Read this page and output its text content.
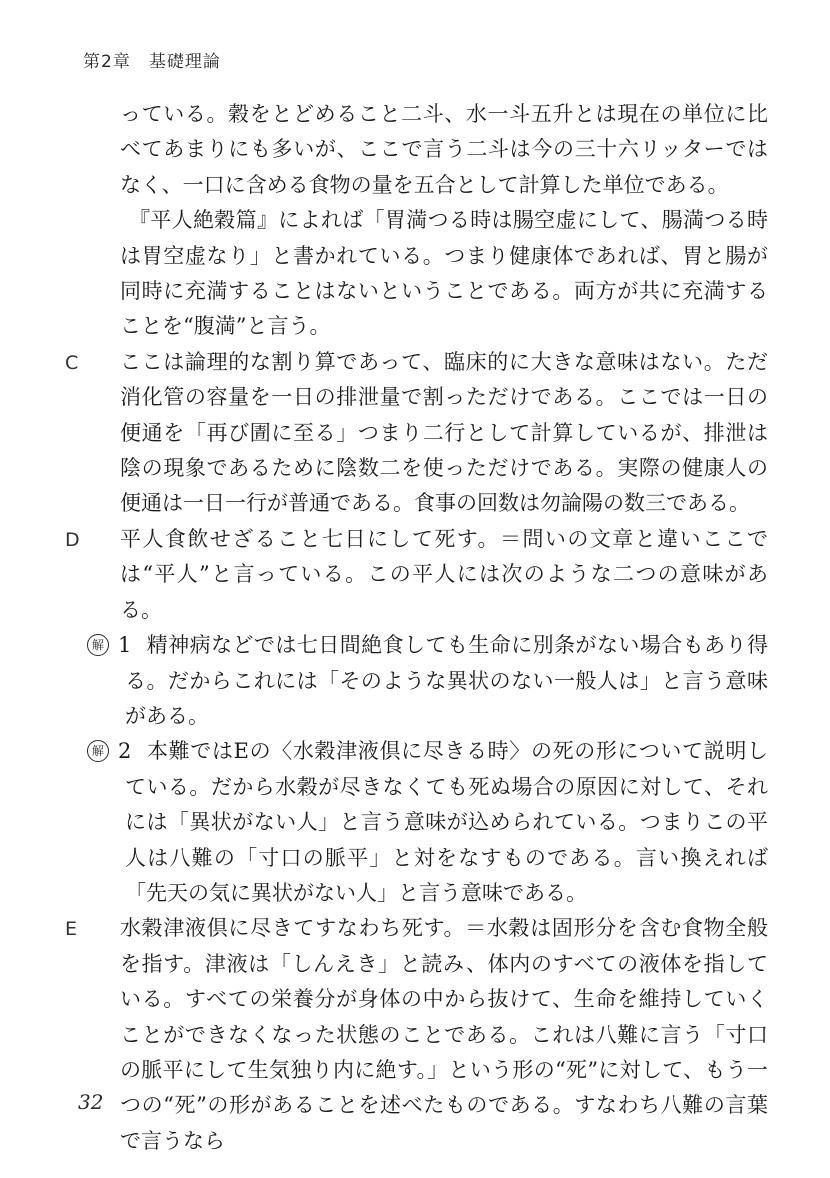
第2章　基礎理論

っている。穀をとどめること二斗、水一斗五升とは現在の単位に比べてあまりにも多いが、ここで言う二斗は今の三十六リッターではなく、一口に含める食物の量を五合として計算した単位である。

『平人絶穀篇』によれば「胃満つる時は腸空虚にして、腸満つる時は胃空虚なり」と書かれている。つまり健康体であれば、胃と腸が同時に充満することはないということである。両方が共に充満することを“腹満”と言う。

C ここは論理的な割り算であって、臨床的に大きな意味はない。ただ消化管の容量を一日の排泄量で割っただけである。ここでは一日の便通を「再び圊に至る」つまり二行として計算しているが、排泄は陰の現象であるために陰数二を使っただけである。実際の健康人の便通は一日一行が普通である。食事の回数は勿論陽の数三である。

D 平人食飲せざること七日にして死す。＝問いの文章と違いここでは“平人”と言っている。この平人には次のような二つの意味がある。

解 1 精神病などでは七日間絶食しても生命に別条がない場合もあり得る。だからこれには「そのような異状のない一般人は」と言う意味がある。

解 2 本難ではEの〈水穀津液倶に尽きる時〉の死の形について説明している。だから水穀が尽きなくても死ぬ場合の原因に対して、それには「異状がない人」と言う意味が込められている。つまりこの平人は八難の「寸口の脈平」と対をなすものである。言い換えれば「先天の気に異状がない人」と言う意味である。

E 水穀津液倶に尽きてすなわち死す。＝水穀は固形分を含む食物全般を指す。津液は「しんえき」と読み、体内のすべての液体を指している。すべての栄養分が身体の中から抜けて、生命を維持していくことができなくなった状態のことである。これは八難に言う「寸口の脈平にして生気独り内に絶す。」という形の“死”に対して、もう一つの“死”の形があることを述べたものである。すなわち八難の言葉で言うなら

32
